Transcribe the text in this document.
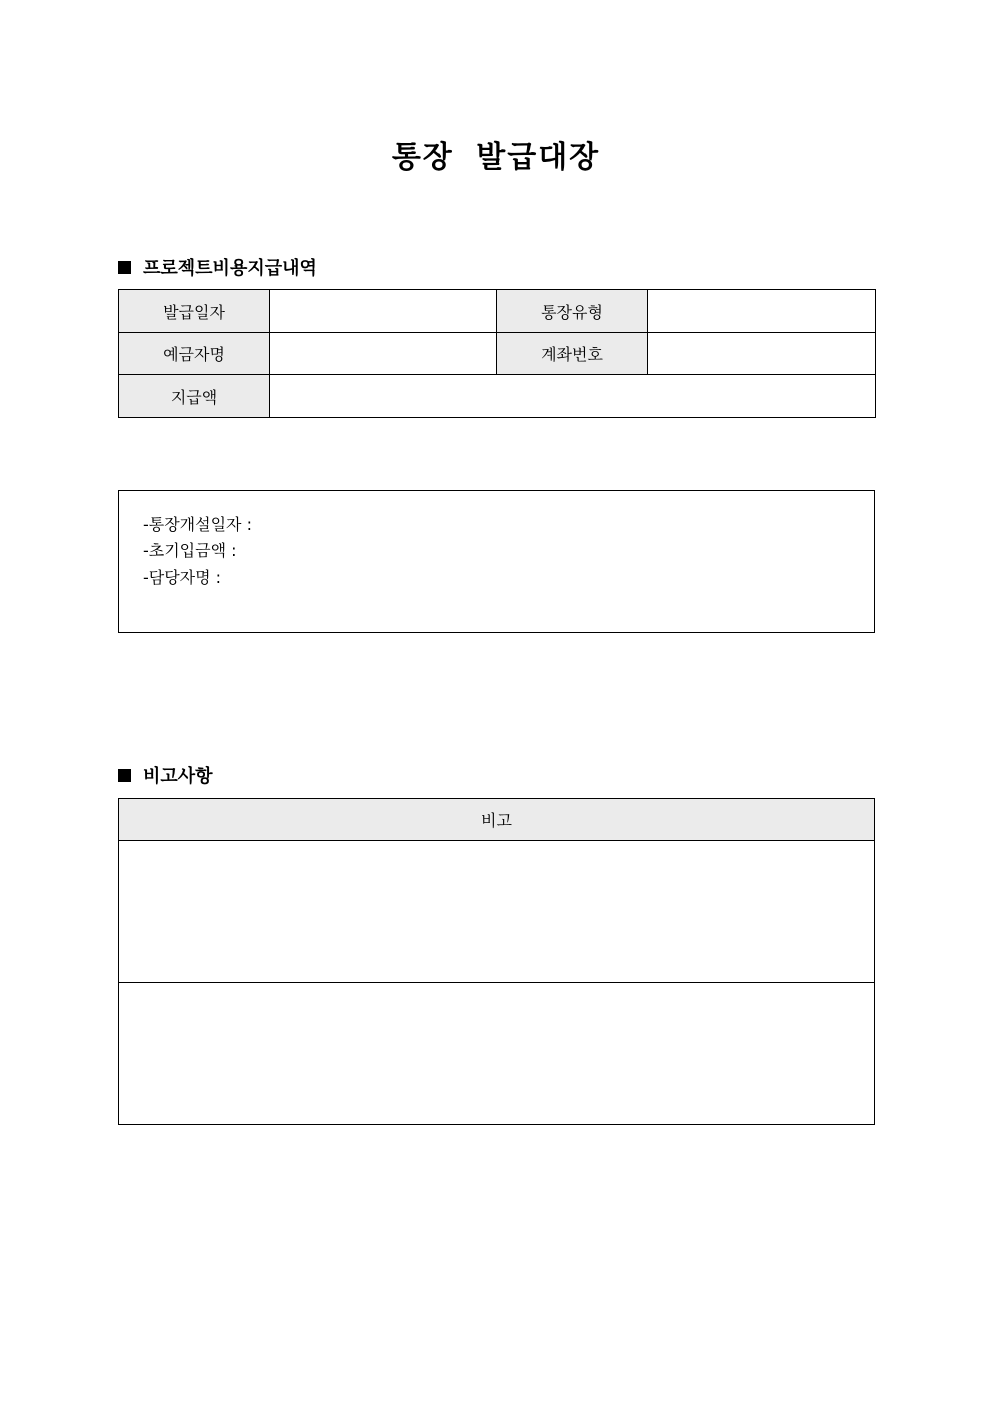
통장 발급대장
프로젝트비용지급내역
발급일자		통장유형	
예금자명		계좌번호	
지급액			
-통장개설일자 :
-초기입금액 :
-담당자명 :
비고사항
비고
